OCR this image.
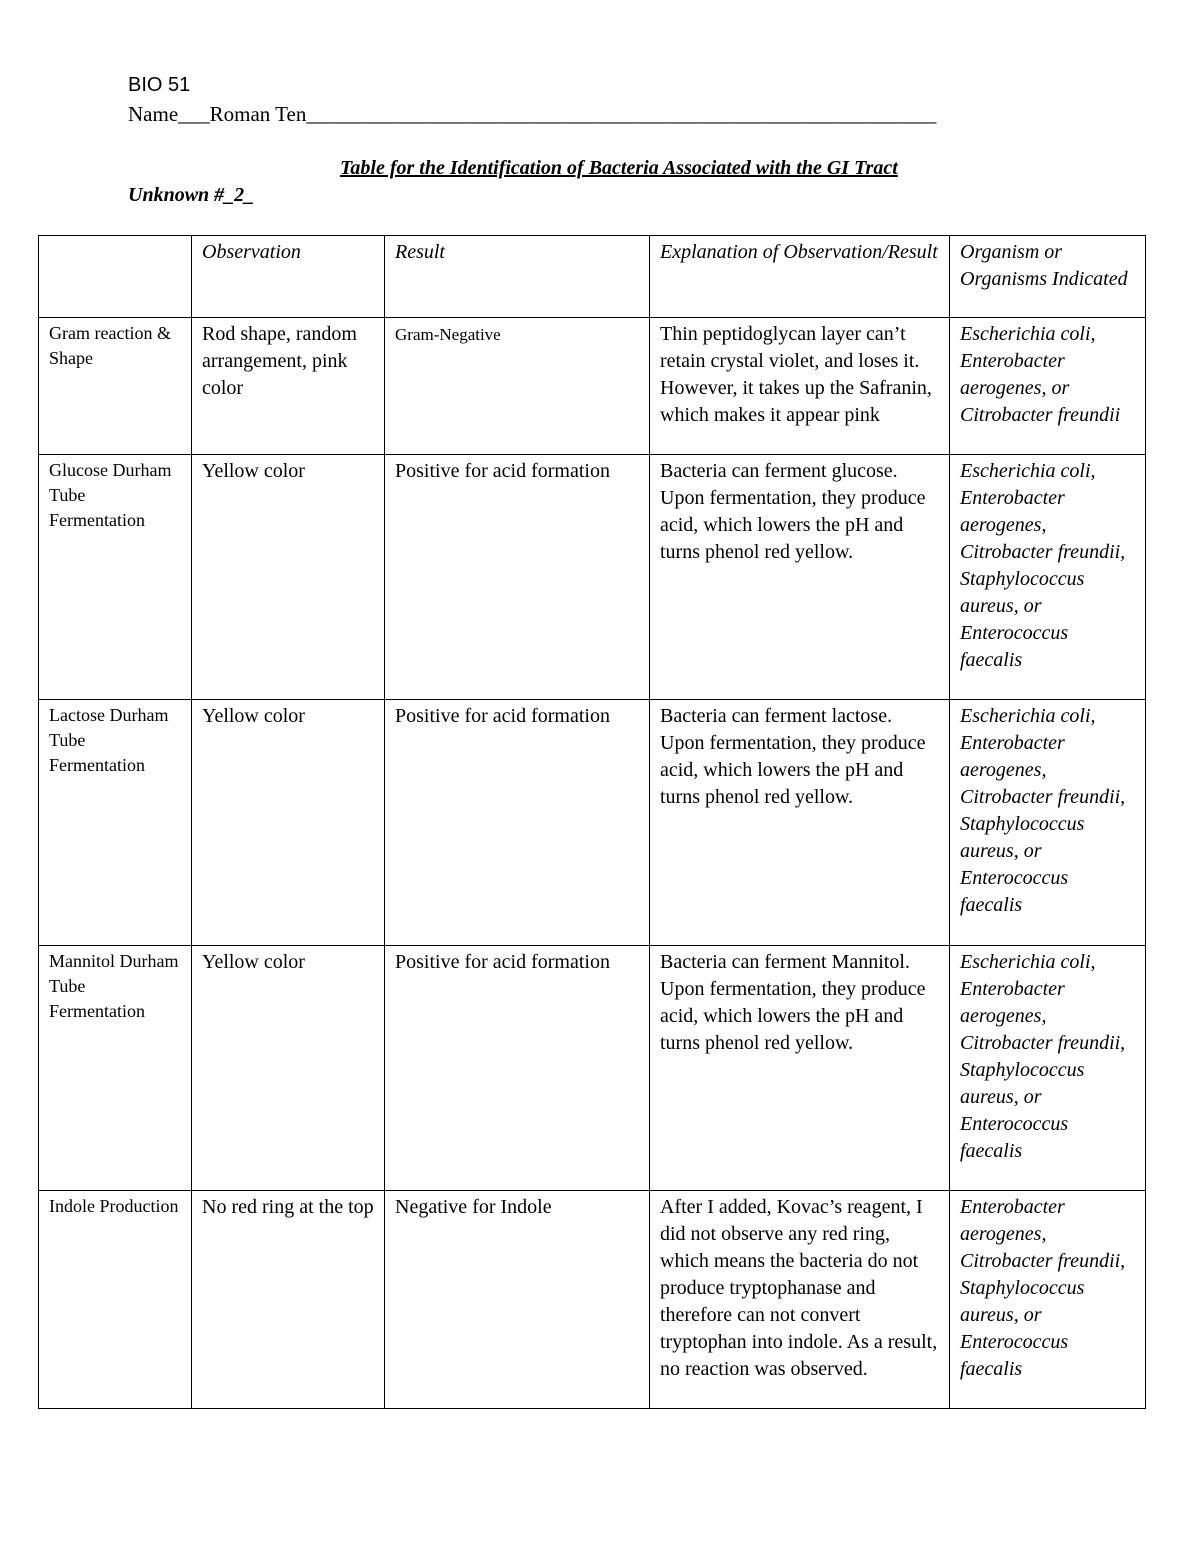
BIO 51
Name___Roman Ten____________________________________________________________
Table for the Identification of Bacteria Associated with the GI Tract
Unknown #_2_
	Observation	Result	Explanation of Observation/Result	Organism or Organisms Indicated
Gram reaction & Shape	Rod shape, random arrangement, pink color	Gram-Negative	Thin peptidoglycan layer can’t retain crystal violet, and loses it. However, it takes up the Safranin, which makes it appear pink	Escherichia coli, Enterobacter aerogenes, or Citrobacter freundii
Glucose Durham Tube Fermentation	Yellow color	Positive for acid formation	Bacteria can ferment glucose. Upon fermentation, they produce acid, which lowers the pH and turns phenol red yellow.	Escherichia coli, Enterobacter aerogenes, Citrobacter freundii, Staphylococcus aureus, or Enterococcus faecalis
Lactose Durham Tube Fermentation	Yellow color	Positive for acid formation	Bacteria can ferment lactose. Upon fermentation, they produce acid, which lowers the pH and turns phenol red yellow.	Escherichia coli, Enterobacter aerogenes, Citrobacter freundii, Staphylococcus aureus, or Enterococcus faecalis
Mannitol Durham Tube Fermentation	Yellow color	Positive for acid formation	Bacteria can ferment Mannitol. Upon fermentation, they produce acid, which lowers the pH and turns phenol red yellow.	Escherichia coli, Enterobacter aerogenes, Citrobacter freundii, Staphylococcus aureus, or Enterococcus faecalis
Indole Production	No red ring at the top	Negative for Indole	After I added, Kovac’s reagent, I did not observe any red ring, which means the bacteria do not produce tryptophanase and therefore can not convert tryptophan into indole. As a result, no reaction was observed.	Enterobacter aerogenes, Citrobacter freundii, Staphylococcus aureus, or Enterococcus faecalis
